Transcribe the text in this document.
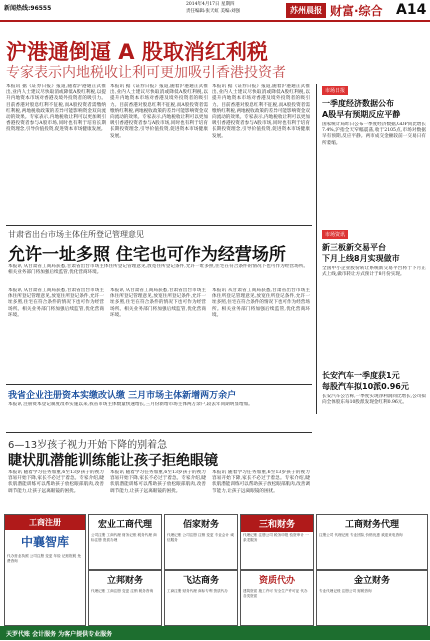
新闻热线:96555
2014年4月17日 星期四
责任编辑:张天虹 美编:刘强	苏州晨报 财富·综合 A14
沪港通倒逼 A 股取消红利税
专家表示内地税收让利可更加吸引香港投资者
本报讯 据《证券日报》报道,随着沪港通正式推出,业内人士建议尽快取消或降低A股红利税,以提升内地资本市场对香港及境外投资者的吸引力。目前香港对股息红利不征税,而A股投资者需缴纳红利税,两地税收政策的差异可能影响资金双向流动的效果。专家表示,内地税收让利可以更加吸引香港投资者参与A股市场,同时也有利于培育长期投资理念,引导价值投资,促进资本市场健康发展。
本报讯 据《证券日报》报道,随着沪港通正式推出,业内人士建议尽快取消或降低A股红利税,以提升内地资本市场对香港及境外投资者的吸引力。目前香港对股息红利不征税,而A股投资者需缴纳红利税,两地税收政策的差异可能影响资金双向流动的效果。专家表示,内地税收让利可以更加吸引香港投资者参与A股市场,同时也有利于培育长期投资理念,引导价值投资,促进资本市场健康发展。
本报讯 据《证券日报》报道,随着沪港通正式推出,业内人士建议尽快取消或降低A股红利税,以提升内地资本市场对香港及境外投资者的吸引力。目前香港对股息红利不征税,而A股投资者需缴纳红利税,两地税收政策的差异可能影响资金双向流动的效果。专家表示,内地税收让利可以更加吸引香港投资者参与A股市场,同时也有利于培育长期投资理念,引导价值投资,促进资本市场健康发展。
市场日报
一季度经济数据公布
A股早有预期反应平静
国家统计局昨日公布一季度经济数据,GDP同比增长7.4%,沪指全天窄幅震荡,收于2105点,市场对数据早有预期,反应平静。两市成交金额较前一交易日有所萎缩。
市场资讯
新三板新交易平台
下月上线8月实现做市
全国中小企业股份转让系统新交易平台将于下月正式上线,做市转让方式预计于8月份实现。
长安汽车一季度获1元
每股汽车拟10派0.96元
长安汽车公告称,一季度实现净利润同比增长,公司拟向全体股东每10股派发现金红利0.96元。
甘肃省出台市场主体住所登记管理意见
允许一址多照 住宅也可作为经营场所
本报讯 从甘肃省工商局获悉,甘肃省出台市场主体住所登记管理意见,放宽住所登记条件,允许一址多照,住宅在符合条件的情况下也可作为经营场所。相关业务部门将加强后续监管,优化营商环境。
本报讯 从甘肃省工商局获悉,甘肃省出台市场主体住所登记管理意见,放宽住所登记条件,允许一址多照,住宅在符合条件的情况下也可作为经营场所。相关业务部门将加强后续监管,优化营商环境。
本报讯 从甘肃省工商局获悉,甘肃省出台市场主体住所登记管理意见,放宽住所登记条件,允许一址多照,住宅在符合条件的情况下也可作为经营场所。相关业务部门将加强后续监管,优化营商环境。
本报讯 从甘肃省工商局获悉,甘肃省出台市场主体住所登记管理意见,放宽住所登记条件,允许一址多照,住宅在符合条件的情况下也可作为经营场所。相关业务部门将加强后续监管,优化营商环境。
我省企业注册资本实缴改认缴 三月市场主体新增两万余户
本报讯 注册资本登记制度改革实施以来,我省市场主体数量快速增长,三月份新增市场主体两万余户,较去年同期明显增加。
6—13岁孩子视力开始下降的别着急
睫状肌潜能训练能让孩子拒绝眼镜
本报讯 随着学习任务加重,6至13岁孩子的视力容易开始下降,家长不必过于着急。专家介绍,睫状肌潜能训练可以帮助孩子放松眼部肌肉,改善调节能力,让孩子远离眼镜的困扰。
本报讯 随着学习任务加重,6至13岁孩子的视力容易开始下降,家长不必过于着急。专家介绍,睫状肌潜能训练可以帮助孩子放松眼部肌肉,改善调节能力,让孩子远离眼镜的困扰。
本报讯 随着学习任务加重,6至13岁孩子的视力容易开始下降,家长不必过于着急。专家介绍,睫状肌潜能训练可以帮助孩子放松眼部肌肉,改善调节能力,让孩子远离眼镜的困扰。
工商注册
中襄智库
代办营业执照 公司注册 变更 年检 记账报税 免费咨询
宏业工商代理
公司注册 工商代理 财务记账 税务代理 商标注册 资质办理
佰家财务
代理记账 公司注册 注销 变更 专业会计 诚信服务
三和财务
代理记账 注册公司 税务申报 验资审计 一条龙服务
工商财务代理
注册公司 代理记账 专业团队 价格优惠 欢迎来电咨询
立邦财务
代理记账 工商注册 变更 注销 税务咨询
飞达商务
工商注册 财务代理 商标专利 资质代办
资质代办
建筑资质 施工许可 安全生产许可证 代办各类资质
金立财务
专业代理记账 注册公司 财税咨询
天罗代账 会计服务 为客户提供专业服务
